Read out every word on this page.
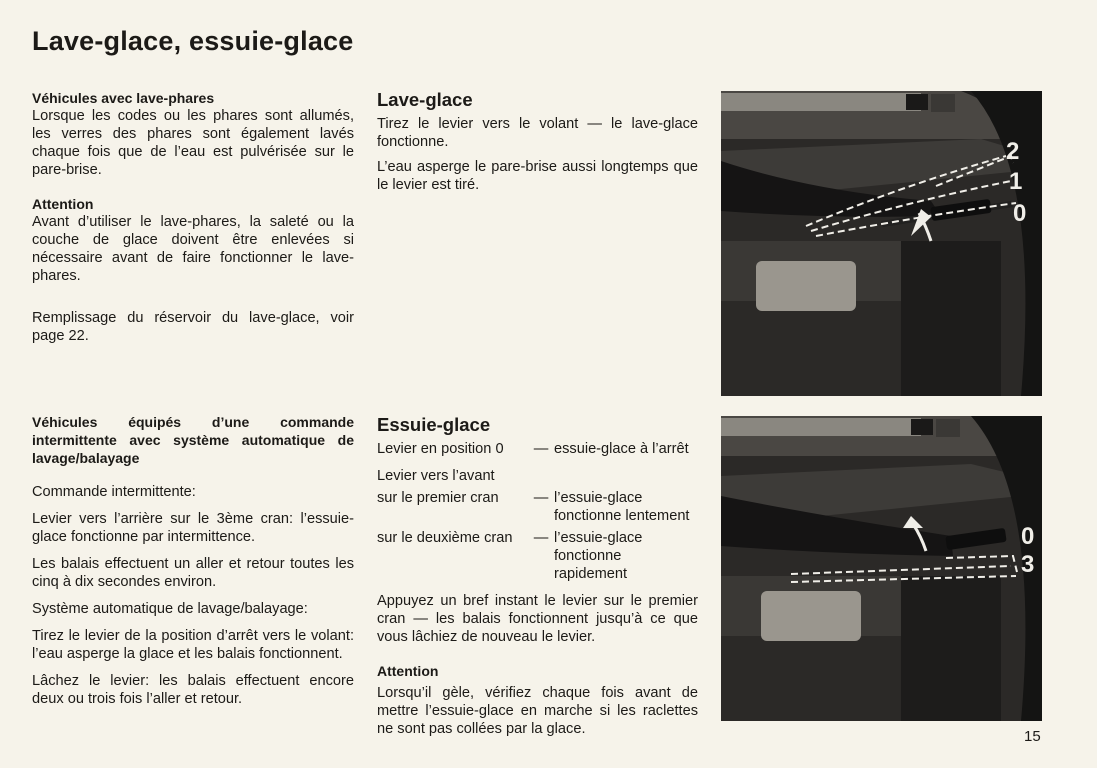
Lave-glace, essuie-glace
Véhicules avec lave-phares

Lorsque les codes ou les phares sont allumés, les verres des phares sont également lavés chaque fois que de l’eau est pulvérisée sur le pare-brise.

Attention

Avant d’utiliser le lave-phares, la saleté ou la couche de glace doivent être enlevées si nécessaire avant de faire fonctionner le lave-phares.

Remplissage du réservoir du lave-glace, voir page 22.

Véhicules équipés d’une commande intermittente avec système automatique de lavage/balayage

Commande intermittente:

Levier vers l’arrière sur le 3ème cran: l’essuie-glace fonctionne par intermittence.

Les balais effectuent un aller et retour toutes les cinq à dix secondes environ.

Système automatique de lavage/balayage:

Tirez le levier de la position d’arrêt vers le volant: l’eau asperge la glace et les balais fonctionnent.

Lâchez le levier: les balais effectuent encore deux ou trois fois l’aller et retour.

Lave-glace

Tirez le levier vers le volant — le lave-glace fonctionne.

L’eau asperge le pare-brise aussi longtemps que le levier est tiré.

Essuie-glace
Levier en position 0	— essuie-glace à l’arrêt

Levier vers l’avant

sur le premier cran	— l’essuie-glace fonctionne lentement
sur le deuxième cran	— l’essuie-glace fonctionne rapidement

Appuyez un bref instant le levier sur le premier cran — les balais fonctionnent jusqu’à ce que vous lâchiez de nouveau le levier.

Attention

Lorsqu’il gèle, vérifiez chaque fois avant de mettre l’essuie-glace en marche si les raclettes ne sont pas collées par la glace.

2
1
0
0
3
15
